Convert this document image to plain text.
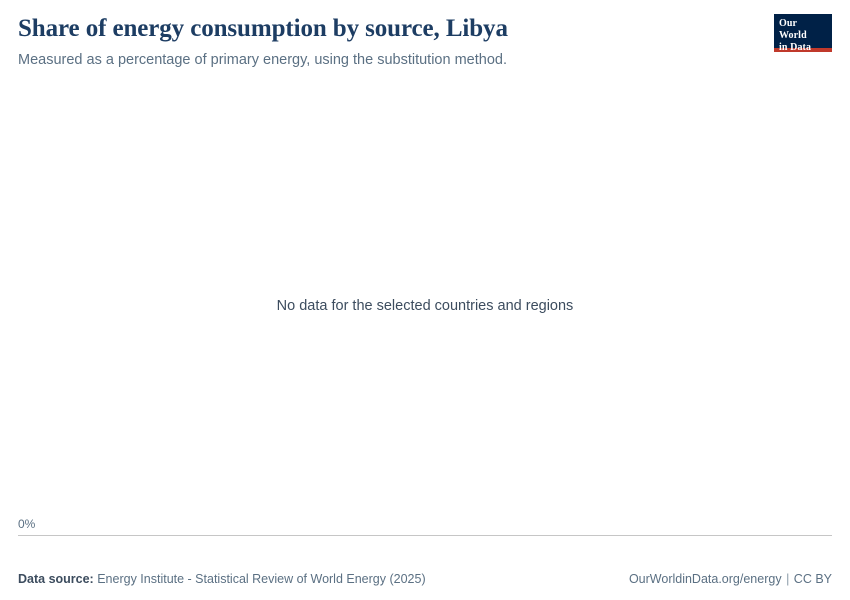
Share of energy consumption by source, Libya

Measured as a percentage of primary energy, using the substitution method.

Our World
in Data
No data for the selected countries and regions
0%
Data source: Energy Institute - Statistical Review of World Energy (2025)	OurWorldinData.org/energy | CC BY
